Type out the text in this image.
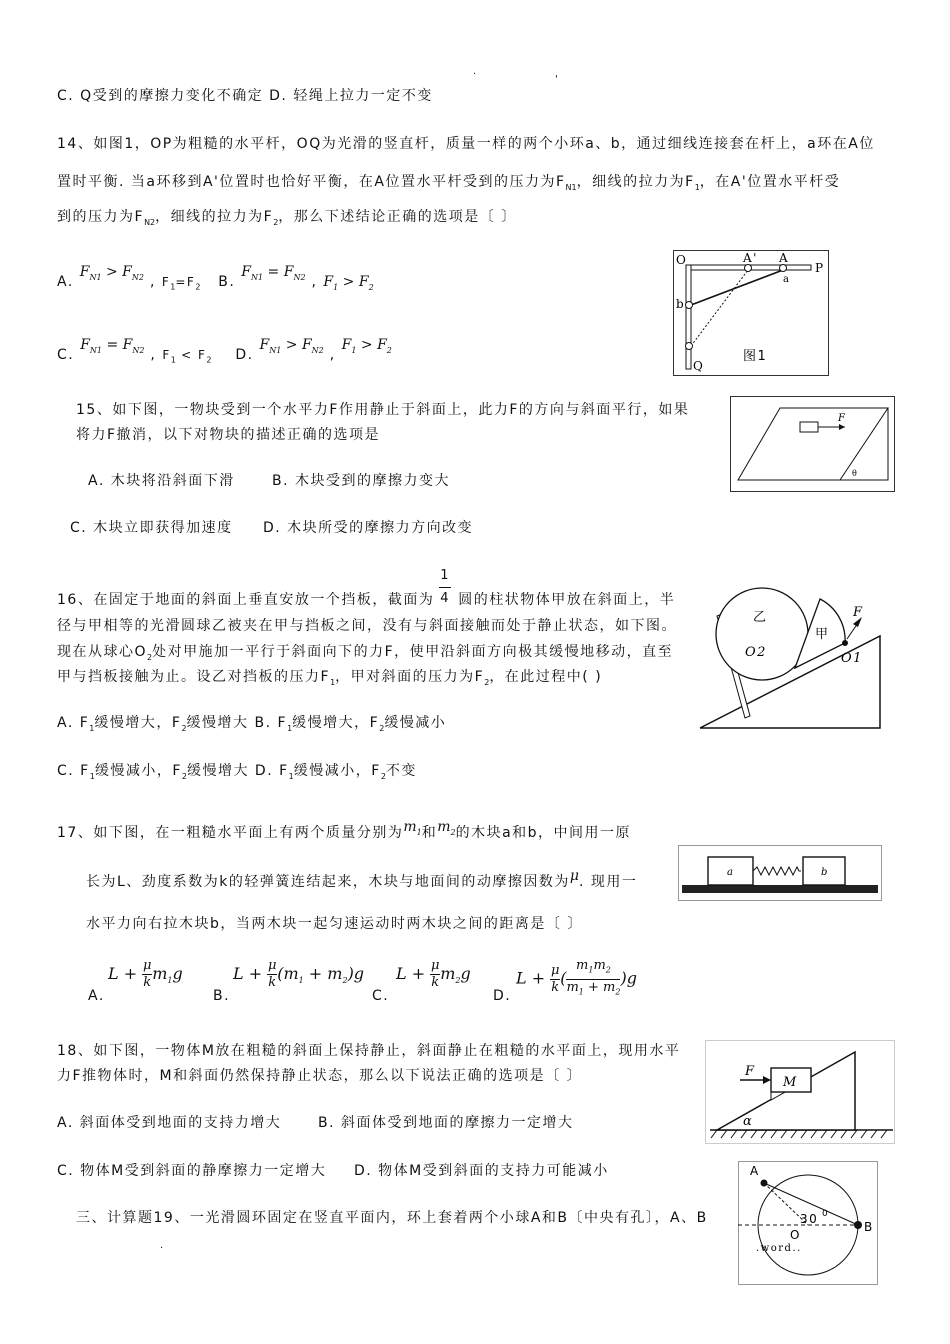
.
'
C. Q受到的摩擦力变化不确定 D. 轻绳上拉力一定不变
14、如图1，OP为粗糙的水平杆，OQ为光滑的竖直杆，质量一样的两个小环a、b，通过细线连接套在杆上，a环在A位
置时平衡. 当a环移到A'位置时也恰好平衡，在A位置水平杆受到的压力为$F_{N1}$，细线的拉力为$F_1$，在A'位置水平杆受
到的压力为$F_{N2}$，细线的拉力为$F_2$，那么下述结论正确的选项是〔 〕
A. $F_{N1} > F_{N2}$ , $F_1=F_2$ B. $F_{N1} = F_{N2}$ , $F_1 > F_2$
C. $F_{N1} = F_{N2}$ , $F_1 < F_2$ D. $F_{N1} > F_{N2}$ , $F_1 > F_2$
O	A' A
P
a
b
Q
图1
15、如下图，一物块受到一个水平力F作用静止于斜面上，此力F的方向与斜面平行，如果
将力F撤消，以下对物块的描述正确的选项是
A. 木块将沿斜面下滑	B. 木块受到的摩擦力变大
C. 木块立即获得加速度 D. 木块所受的摩擦力方向改变
F
θ
16、在固定于地面的斜面上垂直安放一个挡板，截面为 $\frac{1}{4}$ 圆的柱状物体甲放在斜面上，半
径与甲相等的光滑圆球乙被夹在甲与挡板之间，没有与斜面接触而处于静止状态，如下图。
现在从球心$O_2$处对甲施加一平行于斜面向下的力F，使甲沿斜面方向极其缓慢地移动，直至
甲与挡板接触为止。设乙对挡板的压力$F_1$，甲对斜面的压力为$F_2$，在此过程中( )
A. $F_1$缓慢增大，$F_2$缓慢增大 B. $F_1$缓慢增大，$F_2$缓慢减小
C. $F_1$缓慢减小，$F_2$缓慢增大 D. $F_1$缓慢减小，$F_2$不变
乙
甲
O2	O1
F
17、如下图，在一粗糙水平面上有两个质量分别为$m_1$和$m_2$的木块a和b，中间用一原
长为L、劲度系数为k的轻弹簧连结起来，木块与地面间的动摩擦因数为μ. 现用一
水平力向右拉木块b，当两木块一起匀速运动时两木块之间的距离是〔 〕
A.
L + μ
$km_1g$
B.
L + μ
$k(m_1 + m_2)g$
C.
L + μ
$km_2g$
D.
L + μ
$k(m_1m_2$
$m_1 + m_2)g$
a	b
18、如下图，一物体M放在粗糙的斜面上保持静止，斜面静止在粗糙的水平面上，现用水平
力F推物体时，M和斜面仍然保持静止状态，那么以下说法正确的选项是〔 〕
A. 斜面体受到地面的支持力增大	B. 斜面体受到地面的摩擦力一定增大
C. 物体M受到斜面的静摩擦力一定增大 D. 物体M受到斜面的支持力可能减小
F
M
α
三、计算题19、一光滑圆环固定在竖直平面内，环上套着两个小球A和B〔中央有孔〕，A、B
.
A
B
O
30 0
.word..
